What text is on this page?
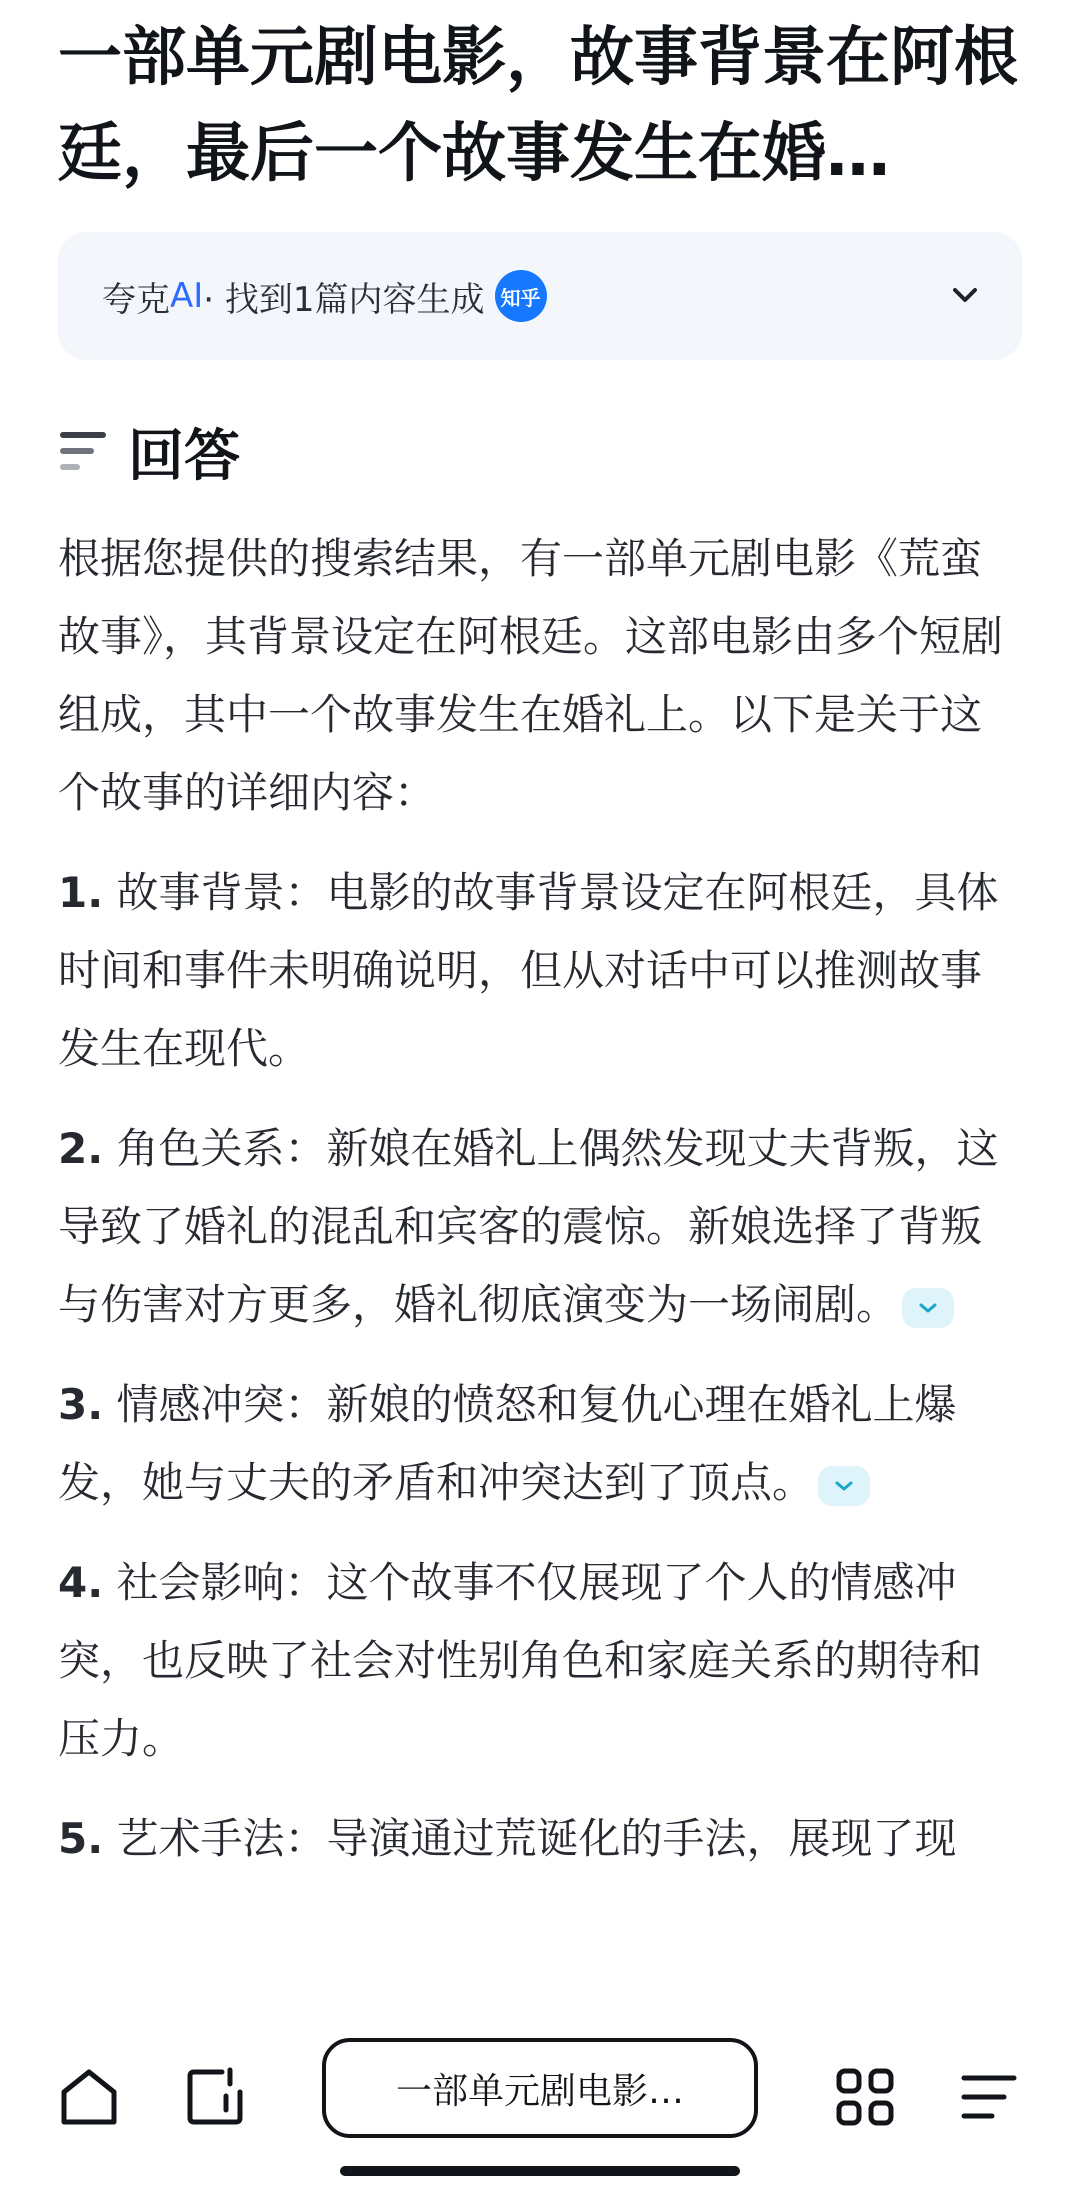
一部单元剧电影，故事背景在阿根廷，最后一个故事发生在婚…
夸克 AI · 找到1篇内容生成 知乎
回答

根据您提供的搜索结果，有一部单元剧电影《荒蛮故事》，其背景设定在阿根廷。这部电影由多个短剧组成，其中一个故事发生在婚礼上。以下是关于这个故事的详细内容：

1. 故事背景：电影的故事背景设定在阿根廷，具体时间和事件未明确说明，但从对话中可以推测故事发生在现代。

2. 角色关系：新娘在婚礼上偶然发现丈夫背叛，这导致了婚礼的混乱和宾客的震惊。新娘选择了背叛与伤害对方更多，婚礼彻底演变为一场闹剧。

3. 情感冲突：新娘的愤怒和复仇心理在婚礼上爆发，她与丈夫的矛盾和冲突达到了顶点。

4. 社会影响：这个故事不仅展现了个人的情感冲突，也反映了社会对性别角色和家庭关系的期待和压力。

5. 艺术手法：导演通过荒诞化的手法，展现了现

一部单元剧电影…
